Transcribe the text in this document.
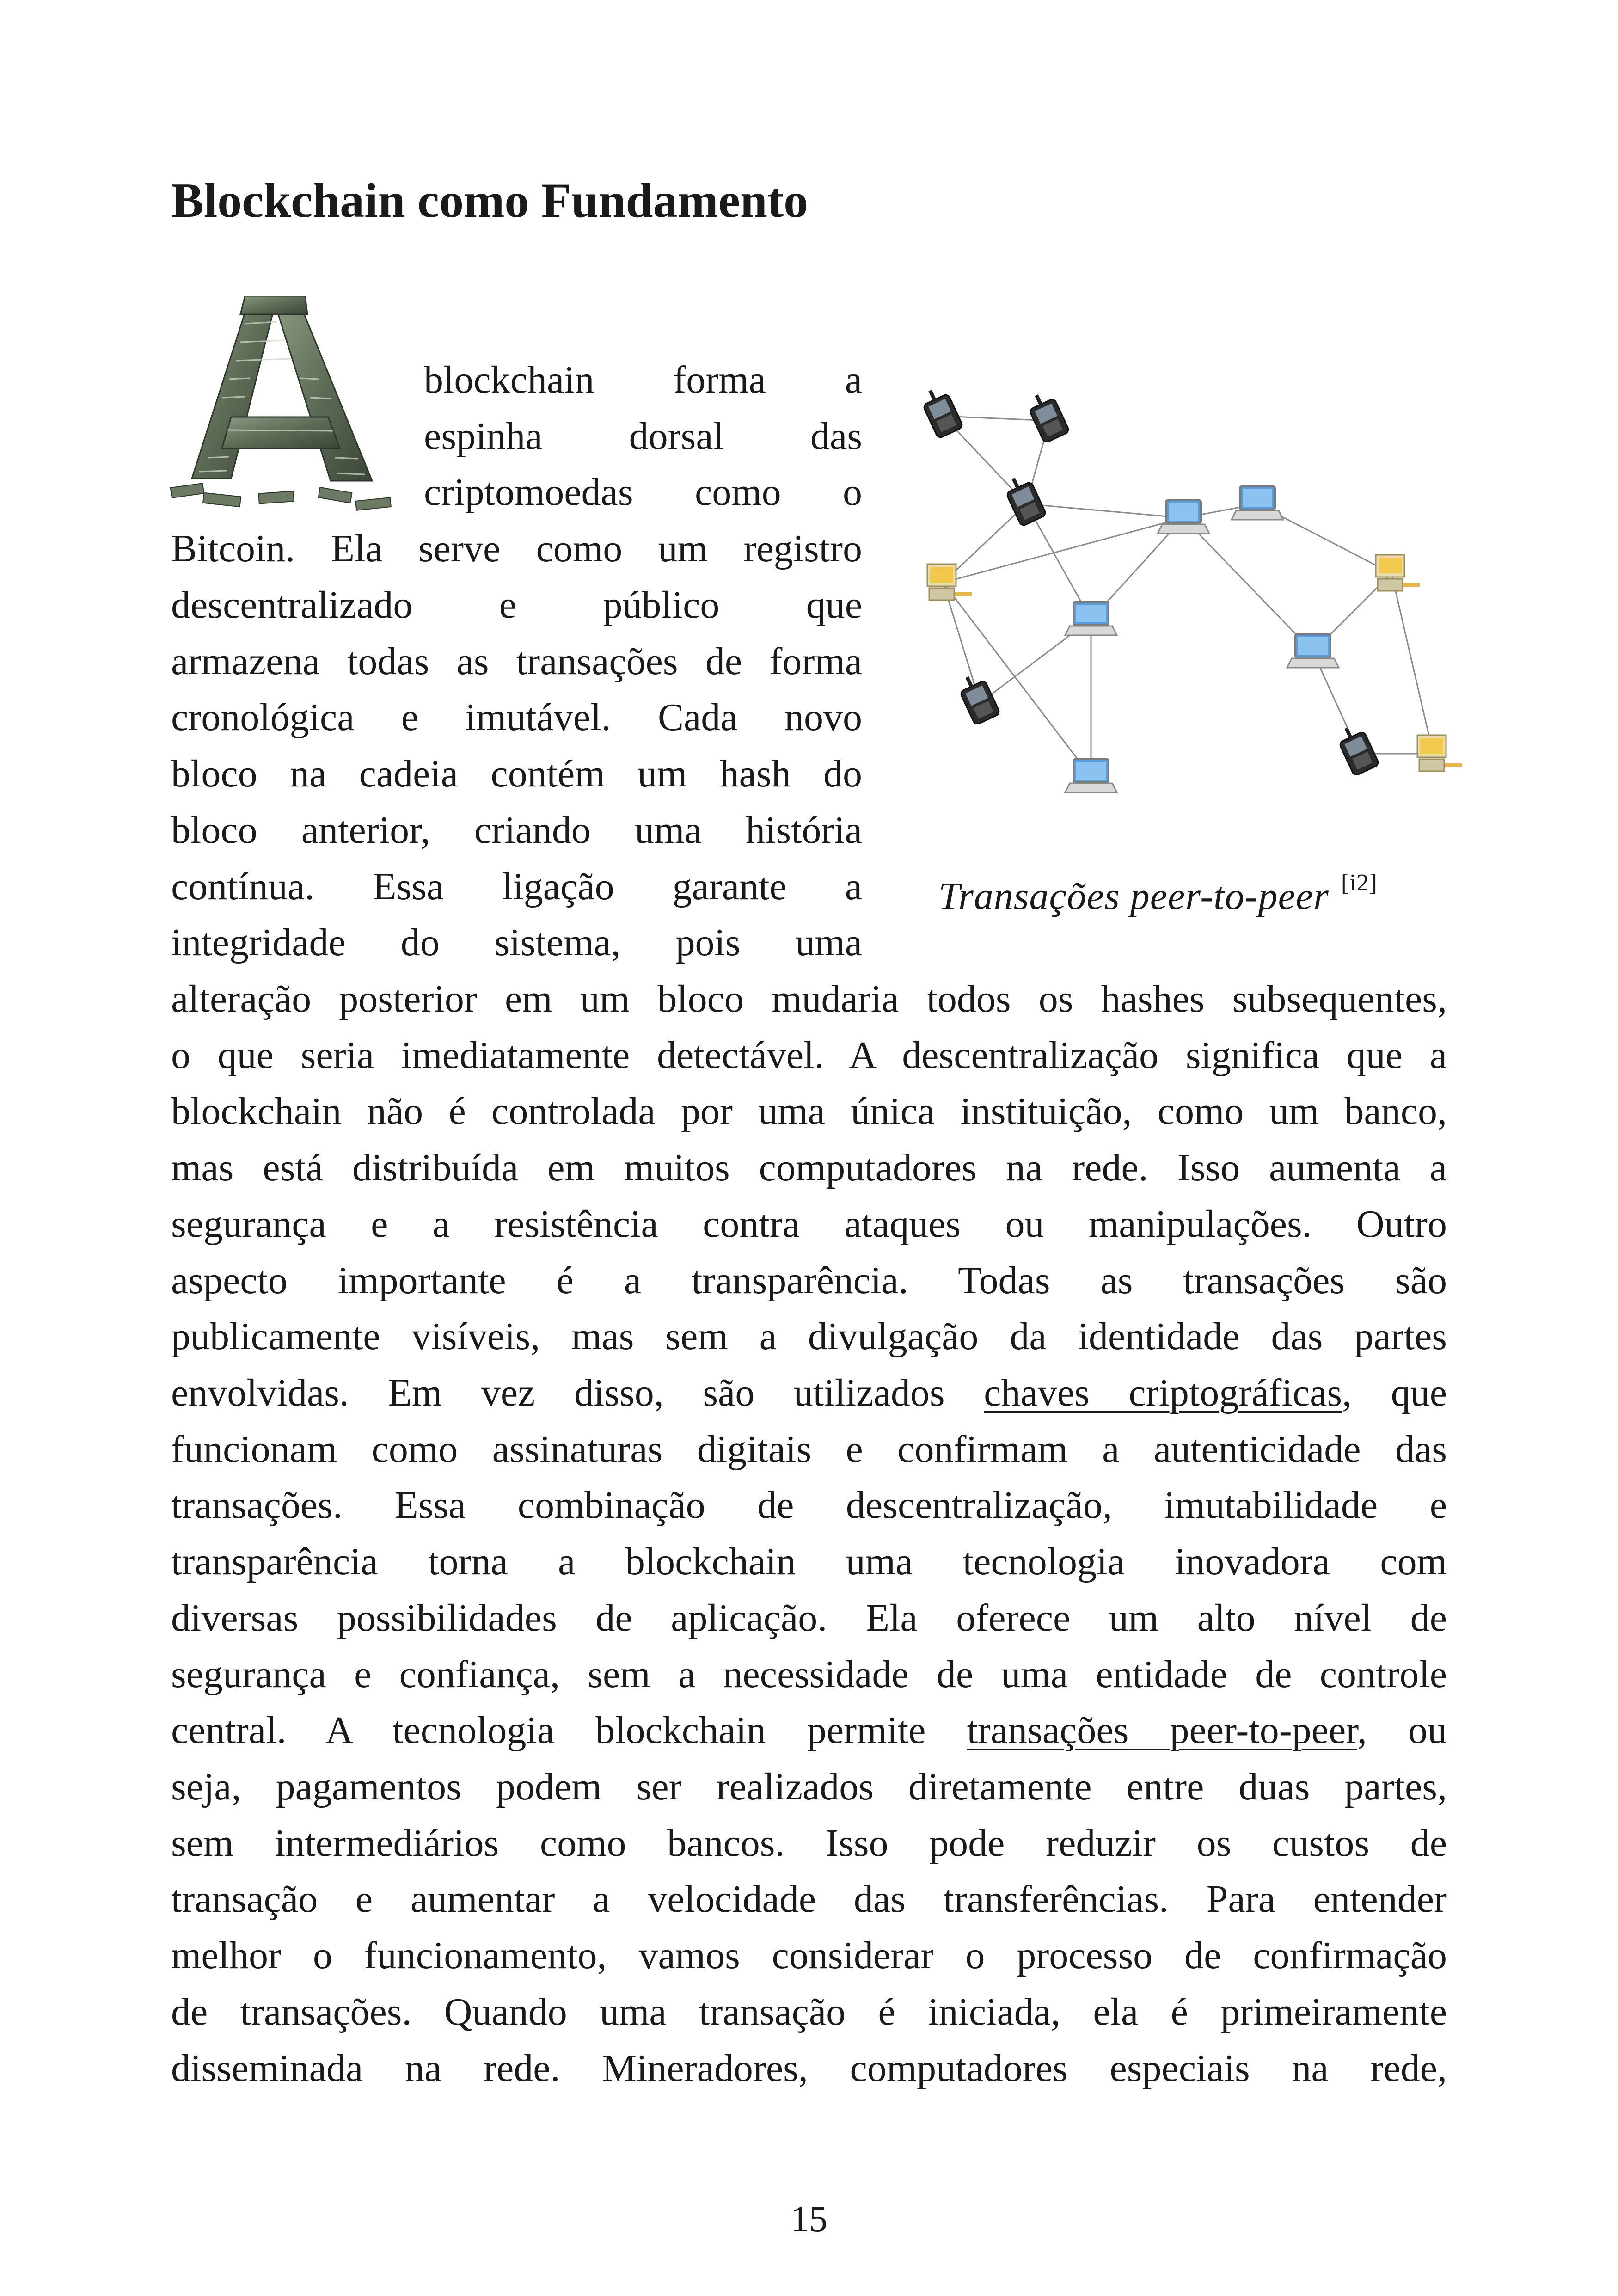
Blockchain como Fundamento
Transações peer-to-peer [i2]
blockchain forma a
espinha dorsal das
criptomoedas como o
Bitcoin. Ela serve como um registro
descentralizado e público que
armazena todas as transações de forma
cronológica e imutável. Cada novo
bloco na cadeia contém um hash do
bloco anterior, criando uma história
contínua. Essa ligação garante a
integridade do sistema, pois uma
alteração posterior em um bloco mudaria todos os hashes subsequentes,
o que seria imediatamente detectável. A descentralização significa que a
blockchain não é controlada por uma única instituição, como um banco,
mas está distribuída em muitos computadores na rede. Isso aumenta a
segurança e a resistência contra ataques ou manipulações. Outro
aspecto importante é a transparência. Todas as transações são
publicamente visíveis, mas sem a divulgação da identidade das partes
envolvidas. Em vez disso, são utilizados chaves criptográficas, que
funcionam como assinaturas digitais e confirmam a autenticidade das
transações. Essa combinação de descentralização, imutabilidade e
transparência torna a blockchain uma tecnologia inovadora com
diversas possibilidades de aplicação. Ela oferece um alto nível de
segurança e confiança, sem a necessidade de uma entidade de controle
central. A tecnologia blockchain permite transações peer-to-peer, ou
seja, pagamentos podem ser realizados diretamente entre duas partes,
sem intermediários como bancos. Isso pode reduzir os custos de
transação e aumentar a velocidade das transferências. Para entender
melhor o funcionamento, vamos considerar o processo de confirmação
de transações. Quando uma transação é iniciada, ela é primeiramente
disseminada na rede. Mineradores, computadores especiais na rede,
15
